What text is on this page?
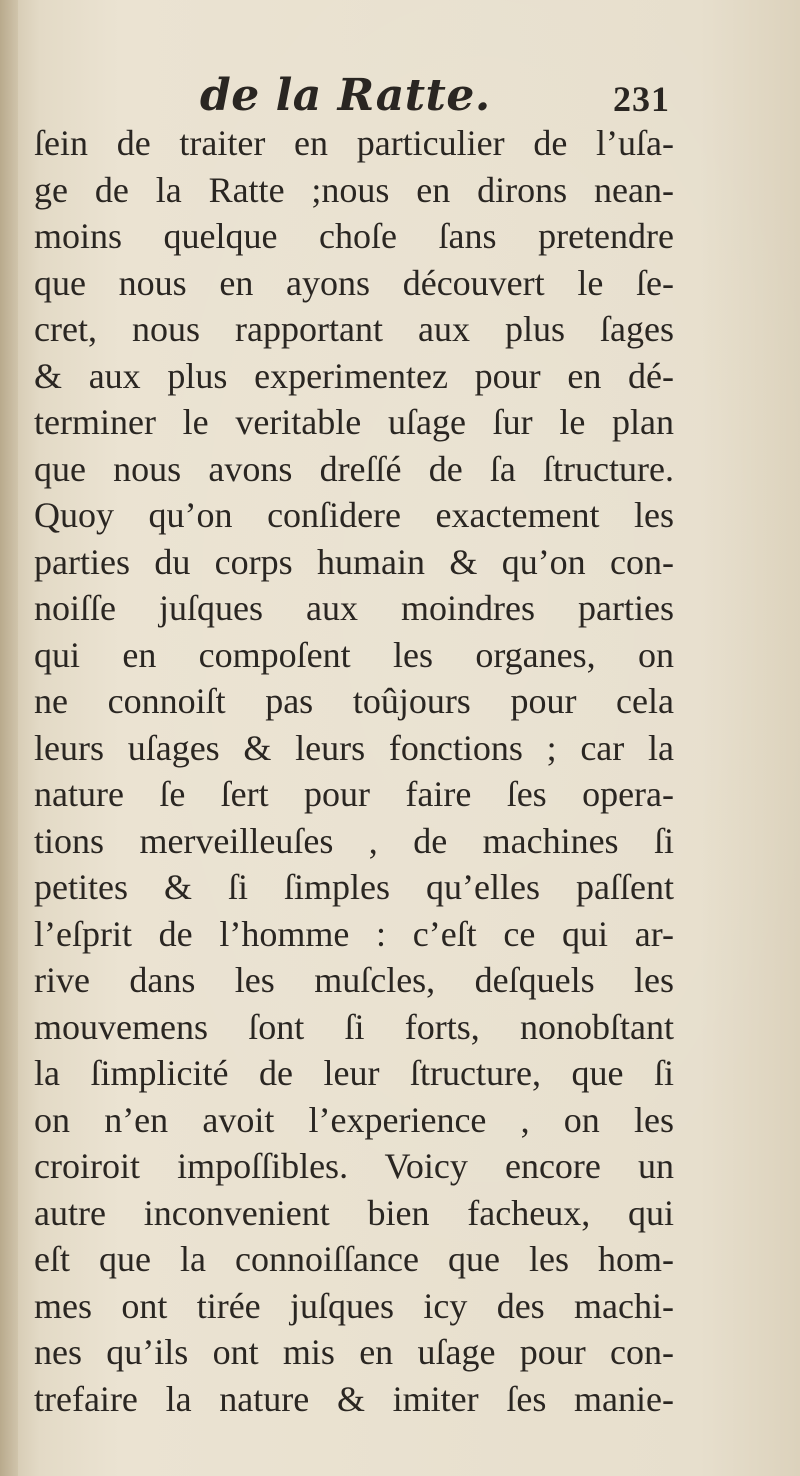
de la Ratte.	231
ſein de traiter en particulier de l’uſa-
ge de la Ratte ;nous en dirons nean-
moins quelque choſe ſans pretendre
que nous en ayons découvert le ſe-
cret, nous rapportant aux plus ſages
& aux plus experimentez pour en dé-
terminer le veritable uſage ſur le plan
que nous avons dreſſé de ſa ſtructure.
Quoy qu’on conſidere exactement les
parties du corps humain & qu’on con-
noiſſe juſques aux moindres parties
qui en compoſent les organes, on
ne connoiſt pas toûjours pour cela
leurs uſages & leurs fonctions ; car la
nature ſe ſert pour faire ſes opera-
tions merveilleuſes , de machines ſi
petites & ſi ſimples qu’elles paſſent
l’eſprit de l’homme : c’eſt ce qui ar-
rive dans les muſcles, deſquels les
mouvemens ſont ſi forts, nonobſtant
la ſimplicité de leur ſtructure, que ſi
on n’en avoit l’experience , on les
croiroit impoſſibles. Voicy encore un
autre inconvenient bien facheux, qui
eſt que la connoiſſance que les hom-
mes ont tirée juſques icy des machi-
nes qu’ils ont mis en uſage pour con-
trefaire la nature & imiter ſes manie-
